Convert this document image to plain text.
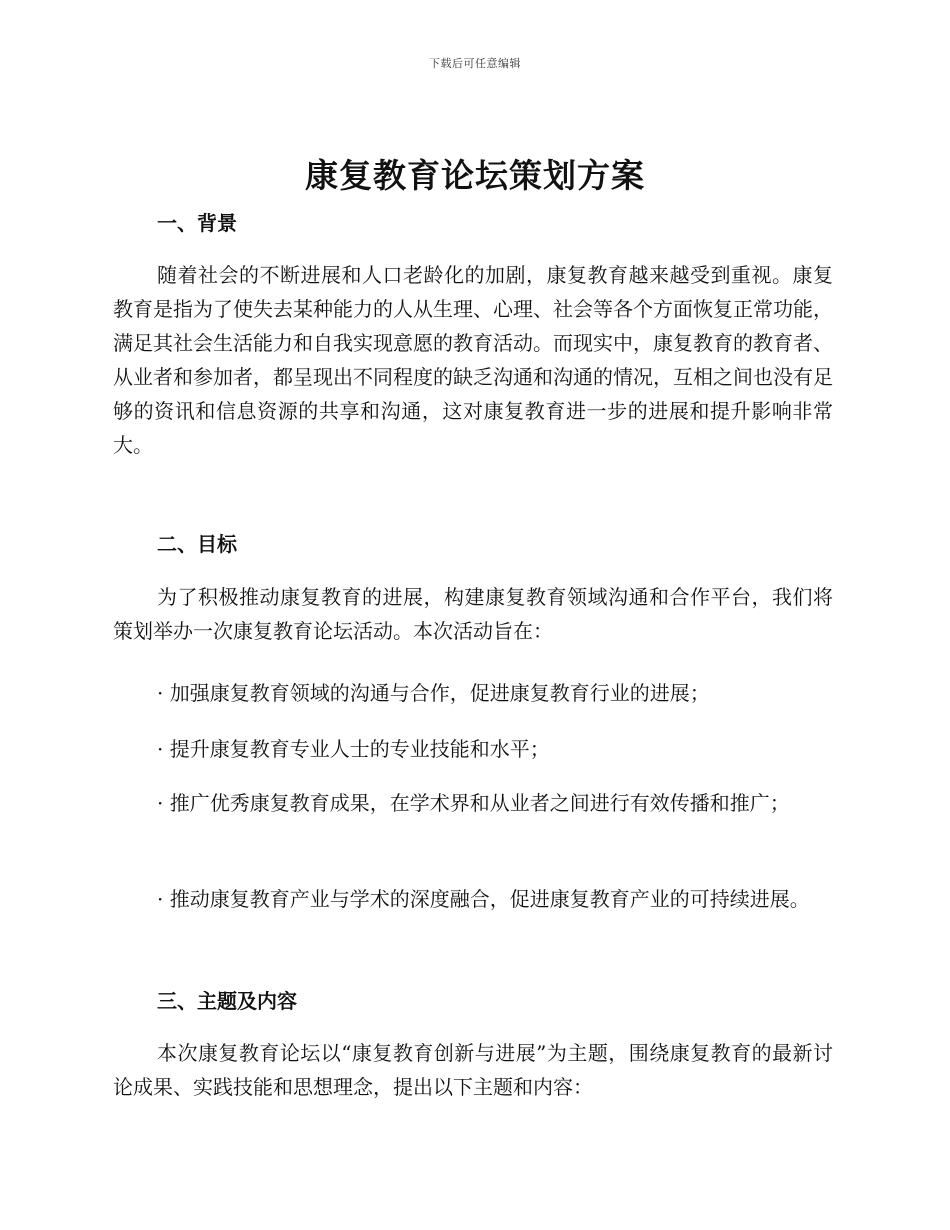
下载后可任意编辑
康复教育论坛策划方案
一、背景

随着社会的不断进展和人口老龄化的加剧，康复教育越来越受到重视。康复教育是指为了使失去某种能力的人从生理、心理、社会等各个方面恢复正常功能，满足其社会生活能力和自我实现意愿的教育活动。而现实中，康复教育的教育者、从业者和参加者，都呈现出不同程度的缺乏沟通和沟通的情况，互相之间也没有足够的资讯和信息资源的共享和沟通，这对康复教育进一步的进展和提升影响非常大。

二、目标

为了积极推动康复教育的进展，构建康复教育领域沟通和合作平台，我们将策划举办一次康复教育论坛活动。本次活动旨在：

· 加强康复教育领域的沟通与合作，促进康复教育行业的进展；

· 提升康复教育专业人士的专业技能和水平；

· 推广优秀康复教育成果，在学术界和从业者之间进行有效传播和推广；

· 推动康复教育产业与学术的深度融合，促进康复教育产业的可持续进展。

三、主题及内容

本次康复教育论坛以“康复教育创新与进展”为主题，围绕康复教育的最新讨论成果、实践技能和思想理念，提出以下主题和内容：
